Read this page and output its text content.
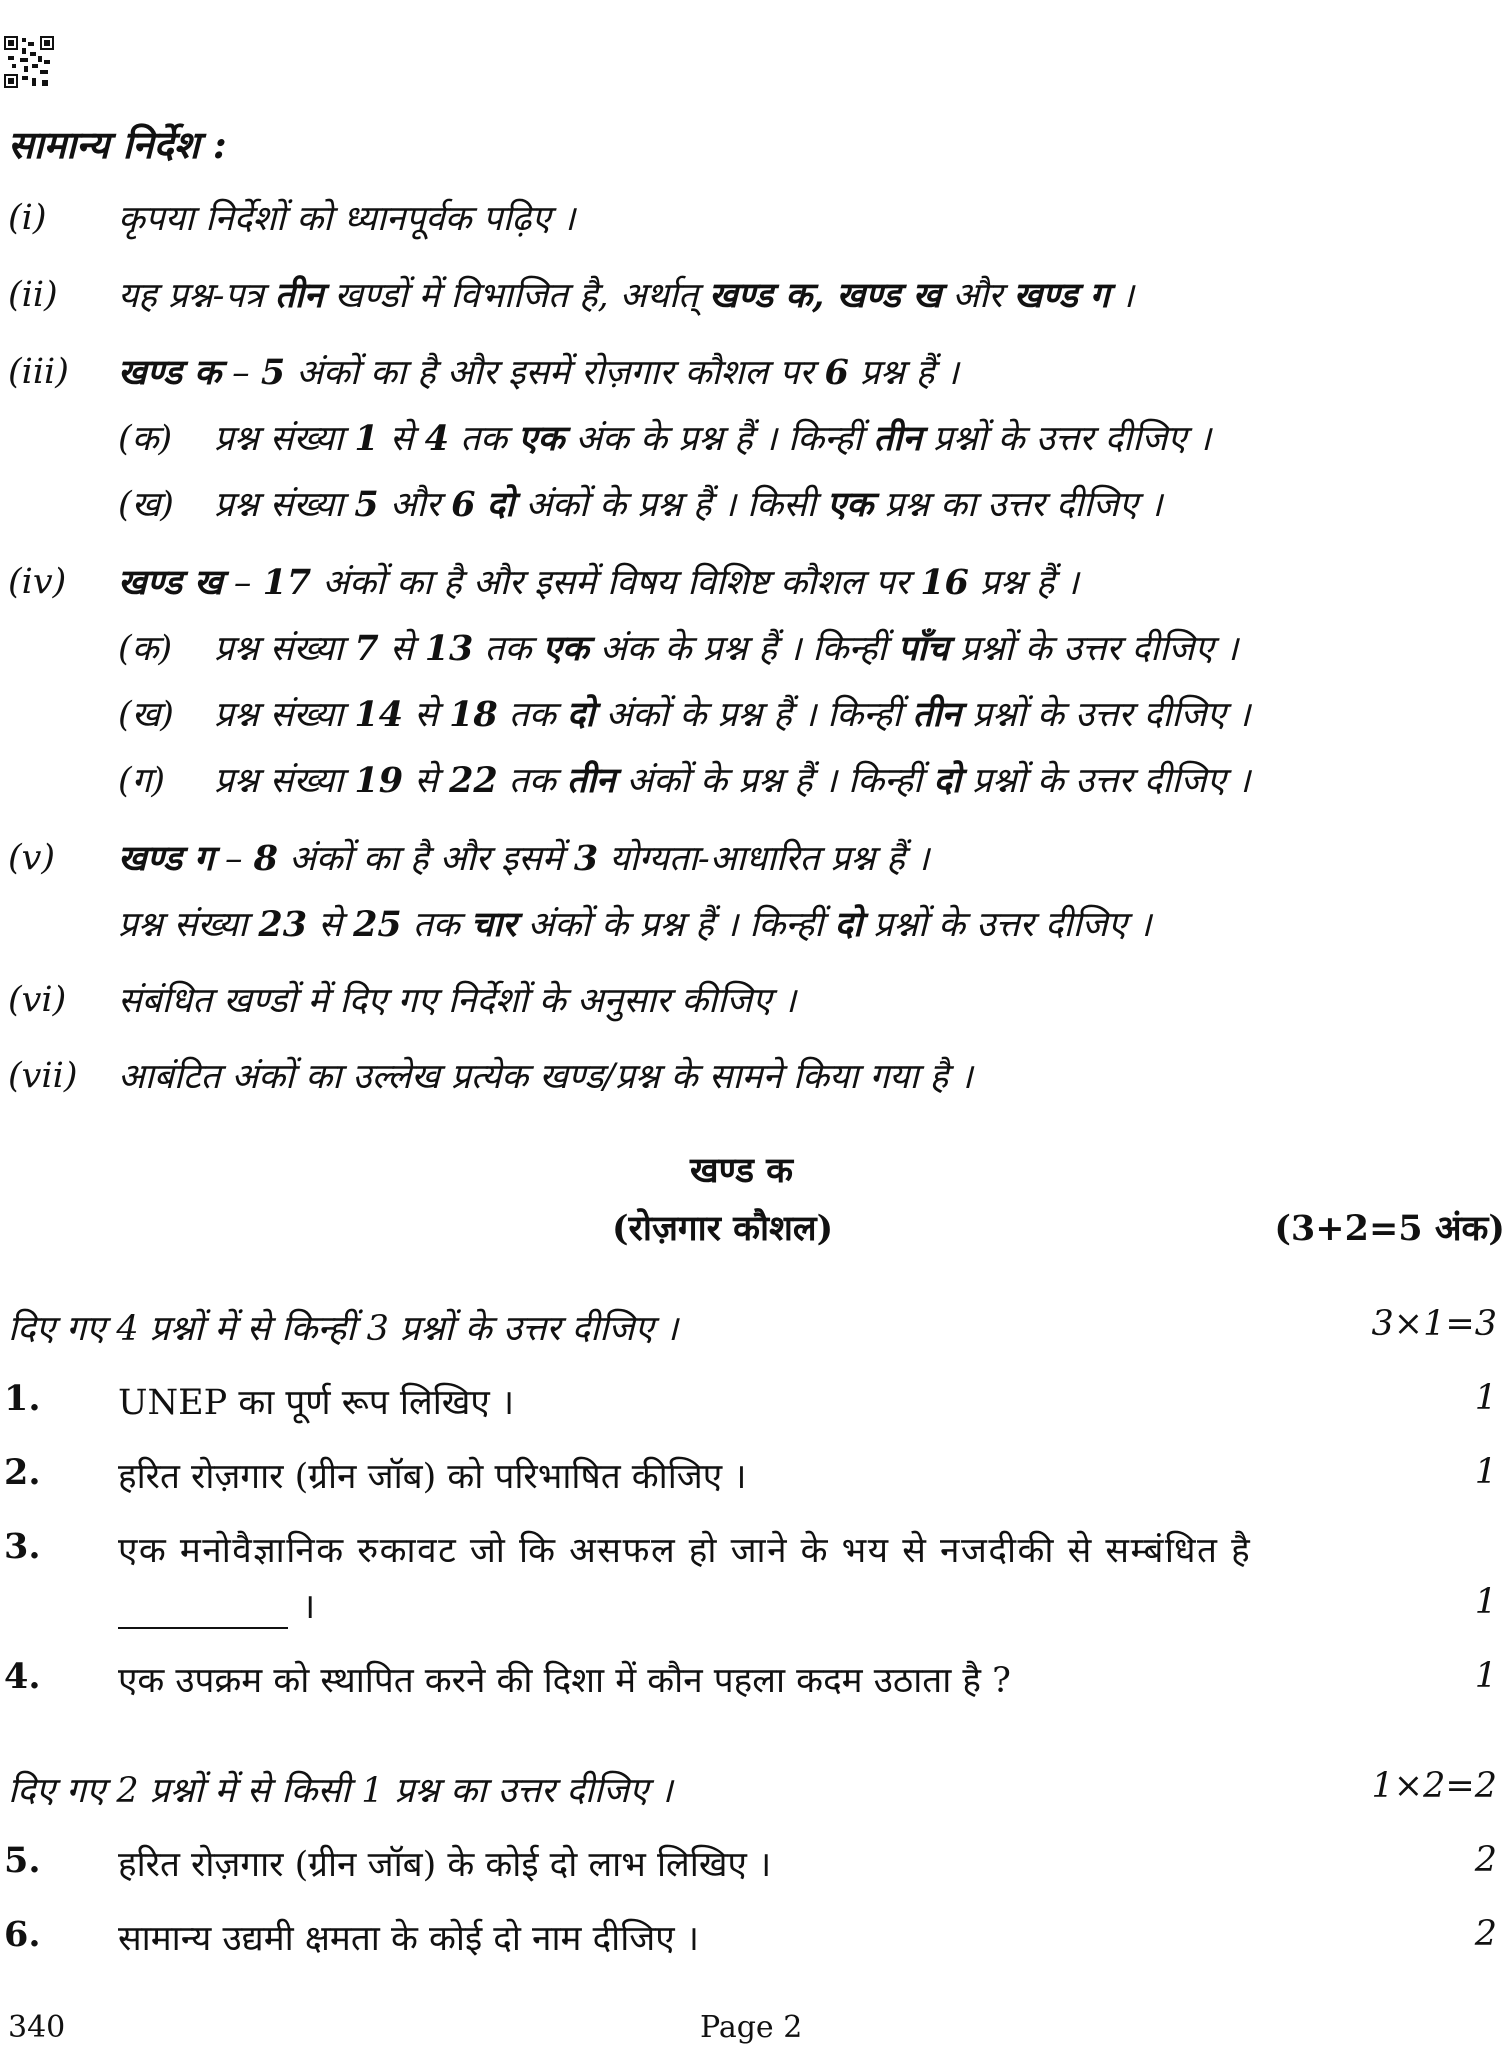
सामान्य निर्देश :
(i) कृपया निर्देशों को ध्यानपूर्वक पढ़िए ।
(ii) यह प्रश्न-पत्र तीन खण्डों में विभाजित है, अर्थात् खण्ड क, खण्ड ख और खण्ड ग ।
(iii) खण्ड क – 5 अंकों का है और इसमें रोज़गार कौशल पर 6 प्रश्न हैं ।
(क) प्रश्न संख्या 1 से 4 तक एक अंक के प्रश्न हैं । किन्हीं तीन प्रश्नों के उत्तर दीजिए ।
(ख) प्रश्न संख्या 5 और 6 दो अंकों के प्रश्न हैं । किसी एक प्रश्न का उत्तर दीजिए ।
(iv) खण्ड ख – 17 अंकों का है और इसमें विषय विशिष्ट कौशल पर 16 प्रश्न हैं ।
(क) प्रश्न संख्या 7 से 13 तक एक अंक के प्रश्न हैं । किन्हीं पाँच प्रश्नों के उत्तर दीजिए ।
(ख) प्रश्न संख्या 14 से 18 तक दो अंकों के प्रश्न हैं । किन्हीं तीन प्रश्नों के उत्तर दीजिए ।
(ग) प्रश्न संख्या 19 से 22 तक तीन अंकों के प्रश्न हैं । किन्हीं दो प्रश्नों के उत्तर दीजिए ।
(v) खण्ड ग – 8 अंकों का है और इसमें 3 योग्यता-आधारित प्रश्न हैं ।
प्रश्न संख्या 23 से 25 तक चार अंकों के प्रश्न हैं । किन्हीं दो प्रश्नों के उत्तर दीजिए ।
(vi) संबंधित खण्डों में दिए गए निर्देशों के अनुसार कीजिए ।
(vii) आबंटित अंकों का उल्लेख प्रत्येक खण्ड/प्रश्न के सामने किया गया है ।
खण्ड क
(रोज़गार कौशल)	(3+2=5 अंक)
दिए गए 4 प्रश्नों में से किन्हीं 3 प्रश्नों के उत्तर दीजिए ।	3×1=3
1. UNEP का पूर्ण रूप लिखिए ।	1
2. हरित रोज़गार (ग्रीन जॉब) को परिभाषित कीजिए ।	1
3. एक मनोवैज्ञानिक रुकावट जो कि असफल हो जाने के भय से नजदीकी से सम्बंधित है
।	1
4. एक उपक्रम को स्थापित करने की दिशा में कौन पहला कदम उठाता है ?	1
दिए गए 2 प्रश्नों में से किसी 1 प्रश्न का उत्तर दीजिए ।	1×2=2
5. हरित रोज़गार (ग्रीन जॉब) के कोई दो लाभ लिखिए ।	2
6. सामान्य उद्यमी क्षमता के कोई दो नाम दीजिए ।	2
340	Page 2
